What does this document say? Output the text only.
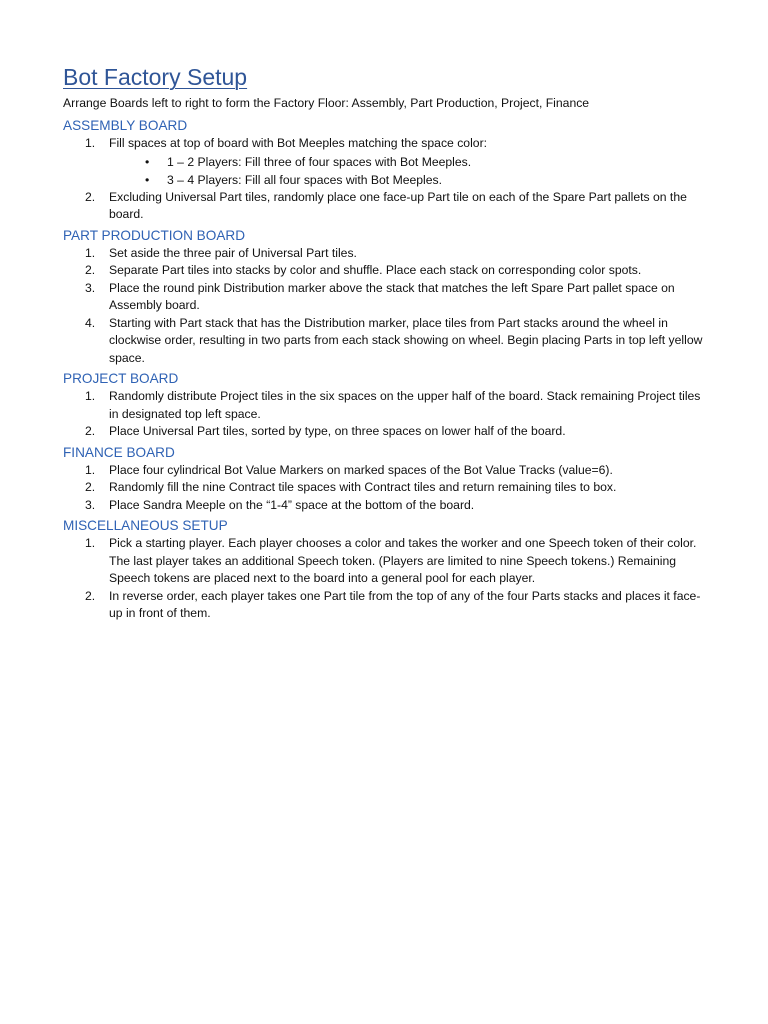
Bot Factory Setup

Arrange Boards left to right to form the Factory Floor: Assembly, Part Production, Project, Finance

ASSEMBLY BOARD
1. Fill spaces at top of board with Bot Meeples matching the space color:
• 1 – 2 Players: Fill three of four spaces with Bot Meeples.
• 3 – 4 Players: Fill all four spaces with Bot Meeples.
2. Excluding Universal Part tiles, randomly place one face-up Part tile on each of the Spare Part pallets on the board.
PART PRODUCTION BOARD
1. Set aside the three pair of Universal Part tiles.
2. Separate Part tiles into stacks by color and shuffle. Place each stack on corresponding color spots.
3. Place the round pink Distribution marker above the stack that matches the left Spare Part pallet space on Assembly board.
4. Starting with Part stack that has the Distribution marker, place tiles from Part stacks around the wheel in clockwise order, resulting in two parts from each stack showing on wheel. Begin placing Parts in top left yellow space.
PROJECT BOARD
1. Randomly distribute Project tiles in the six spaces on the upper half of the board. Stack remaining Project tiles in designated top left space.
2. Place Universal Part tiles, sorted by type, on three spaces on lower half of the board.
FINANCE BOARD
1. Place four cylindrical Bot Value Markers on marked spaces of the Bot Value Tracks (value=6).
2. Randomly fill the nine Contract tile spaces with Contract tiles and return remaining tiles to box.
3. Place Sandra Meeple on the “1-4” space at the bottom of the board.
MISCELLANEOUS SETUP
1. Pick a starting player. Each player chooses a color and takes the worker and one Speech token of their color. The last player takes an additional Speech token. (Players are limited to nine Speech tokens.) Remaining Speech tokens are placed next to the board into a general pool for each player.
2. In reverse order, each player takes one Part tile from the top of any of the four Parts stacks and places it face-up in front of them.
